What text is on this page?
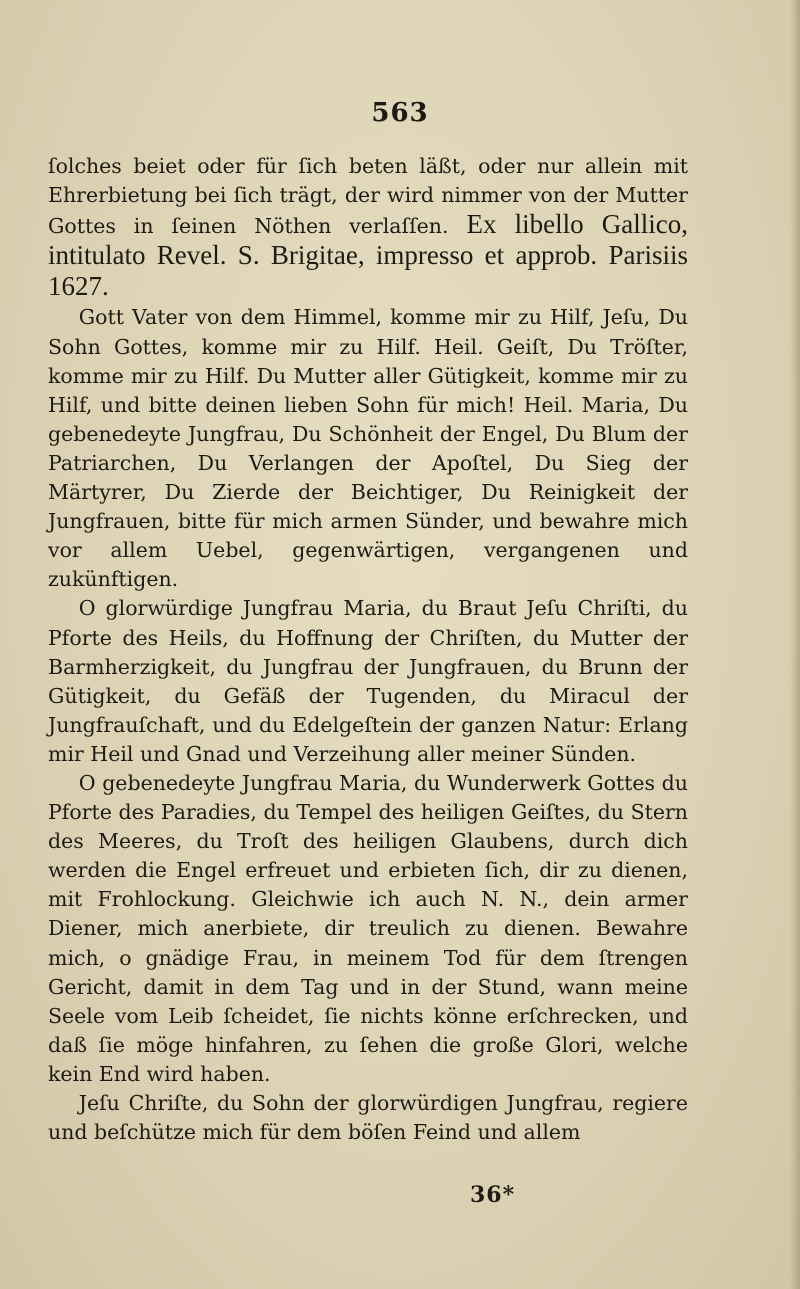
563

ſolches beiet oder für ſich beten läßt, oder nur allein mit Ehrerbietung bei ſich trägt, der wird nimmer von der Mutter Gottes in ſeinen Nöthen verlaſſen. Ex libello Gallico, intitulato Revel. S. Brigitae, impresso et approb. Parisiis 1627.

Gott Vater von dem Himmel, komme mir zu Hilf, Jeſu, Du Sohn Gottes, komme mir zu Hilf. Heil. Geiſt, Du Tröſter, komme mir zu Hilf. Du Mutter aller Gütigkeit, komme mir zu Hilf, und bitte deinen lieben Sohn für mich! Heil. Maria, Du gebenedeyte Jungfrau, Du Schönheit der Engel, Du Blum der Patriarchen, Du Verlangen der Apoſtel, Du Sieg der Märtyrer, Du Zierde der Beichtiger, Du Reinigkeit der Jungfrauen, bitte für mich armen Sünder, und bewahre mich vor allem Uebel, gegenwärtigen, vergangenen und zukünftigen.

O glorwürdige Jungfrau Maria, du Braut Jeſu Chriſti, du Pforte des Heils, du Hoffnung der Chriſten, du Mutter der Barmherzigkeit, du Jungfrau der Jungfrauen, du Brunn der Gütigkeit, du Gefäß der Tugenden, du Miracul der Jungfrauſchaft, und du Edelgeſtein der ganzen Natur: Erlang mir Heil und Gnad und Verzeihung aller meiner Sünden.

O gebenedeyte Jungfrau Maria, du Wunderwerk Gottes du Pforte des Paradies, du Tempel des heiligen Geiſtes, du Stern des Meeres, du Troſt des heiligen Glaubens, durch dich werden die Engel erfreuet und erbieten ſich, dir zu dienen, mit Frohlockung. Gleichwie ich auch N. N., dein armer Diener, mich anerbiete, dir treulich zu dienen. Bewahre mich, o gnädige Frau, in meinem Tod für dem ſtrengen Gericht, damit in dem Tag und in der Stund, wann meine Seele vom Leib ſcheidet, ſie nichts könne erſchrecken, und daß ſie möge hinfahren, zu ſehen die große Glori, welche kein End wird haben.

Jeſu Chriſte, du Sohn der glorwürdigen Jungfrau, regiere und beſchütze mich für dem böſen Feind und allem

36*
